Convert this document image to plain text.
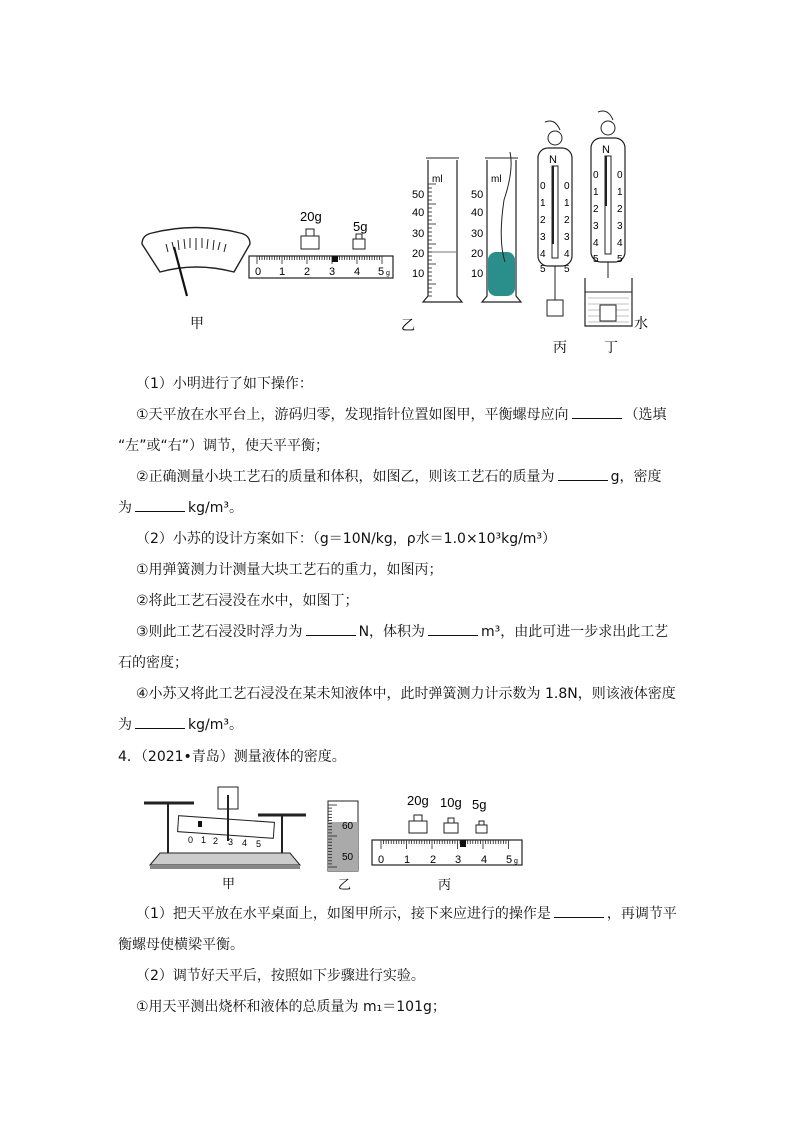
甲
20g
5g
0 1 2 3 4 5 g
ml
50
40
30
20
10
ml
50
40
30
20
10
乙
N
0
1
2
3
4
5
0
1
2
3
4
5
丙
N
0
1
2
3
4
5
0
1
2
3
4
5
水
丁
（1）小明进行了如下操作：
①天平放在水平台上，游码归零，发现指针位置如图甲，平衡螺母应向	（选填
“左”或“右”）调节，使天平平衡；
②正确测量小块工艺石的质量和体积，如图乙，则该工艺石的质量为	g，密度
为	kg/m³。
（2）小苏的设计方案如下：（g＝10N/kg，ρ水＝1.0×10³kg/m³）
①用弹簧测力计测量大块工艺石的重力，如图丙；
②将此工艺石浸没在水中，如图丁；
③则此工艺石浸没时浮力为	N，体积为	m³，由此可进一步求出此工艺
石的密度；
④小苏又将此工艺石浸没在某未知液体中，此时弹簧测力计示数为 1.8N，则该液体密度
为	kg/m³。
4．（2021•青岛）测量液体的密度。
0 1 2 3 4 5
甲
60
50
乙
20g 10g 5g
0 1 2 3 4 5 g
丙
（1）把天平放在水平桌面上，如图甲所示，接下来应进行的操作是	，再调节平
衡螺母使横梁平衡。
（2）调节好天平后，按照如下步骤进行实验。
①用天平测出烧杯和液体的总质量为 m₁＝101g；
